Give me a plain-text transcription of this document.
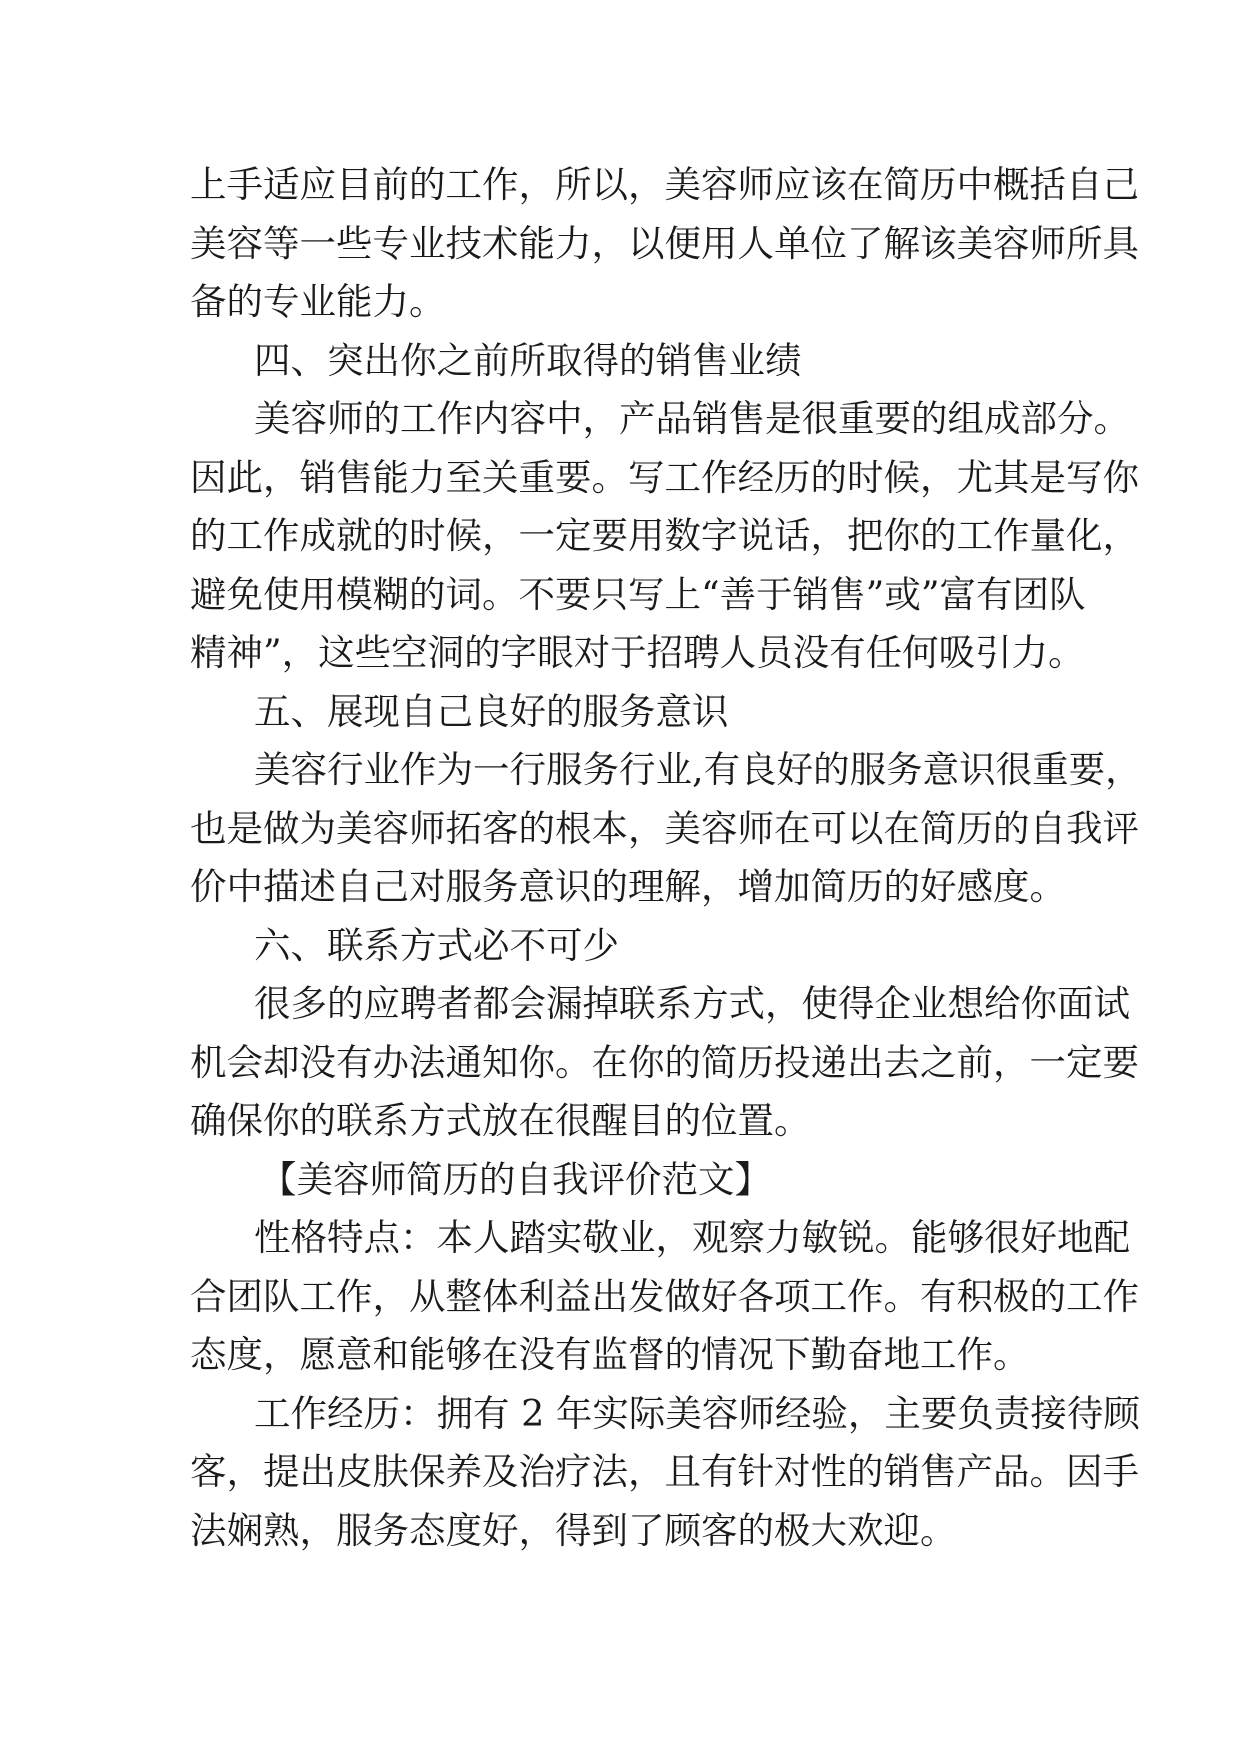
上手适应目前的工作，所以，美容师应该在简历中概括自己
美容等一些专业技术能力，以便用人单位了解该美容师所具
备的专业能力。
四、突出你之前所取得的销售业绩
美容师的工作内容中，产品销售是很重要的组成部分。
因此，销售能力至关重要。写工作经历的时候，尤其是写你
的工作成就的时候，一定要用数字说话，把你的工作量化，
避免使用模糊的词。不要只写上“善于销售”或”富有团队
精神”，这些空洞的字眼对于招聘人员没有任何吸引力。
五、展现自己良好的服务意识
美容行业作为一行服务行业,有良好的服务意识很重要，
也是做为美容师拓客的根本，美容师在可以在简历的自我评
价中描述自己对服务意识的理解，增加简历的好感度。
六、联系方式必不可少
很多的应聘者都会漏掉联系方式，使得企业想给你面试
机会却没有办法通知你。在你的简历投递出去之前，一定要
确保你的联系方式放在很醒目的位置。
【美容师简历的自我评价范文】
性格特点：本人踏实敬业，观察力敏锐。能够很好地配
合团队工作，从整体利益出发做好各项工作。有积极的工作
态度，愿意和能够在没有监督的情况下勤奋地工作。
工作经历：拥有 2 年实际美容师经验，主要负责接待顾
客，提出皮肤保养及治疗法，且有针对性的销售产品。因手
法娴熟，服务态度好，得到了顾客的极大欢迎。
